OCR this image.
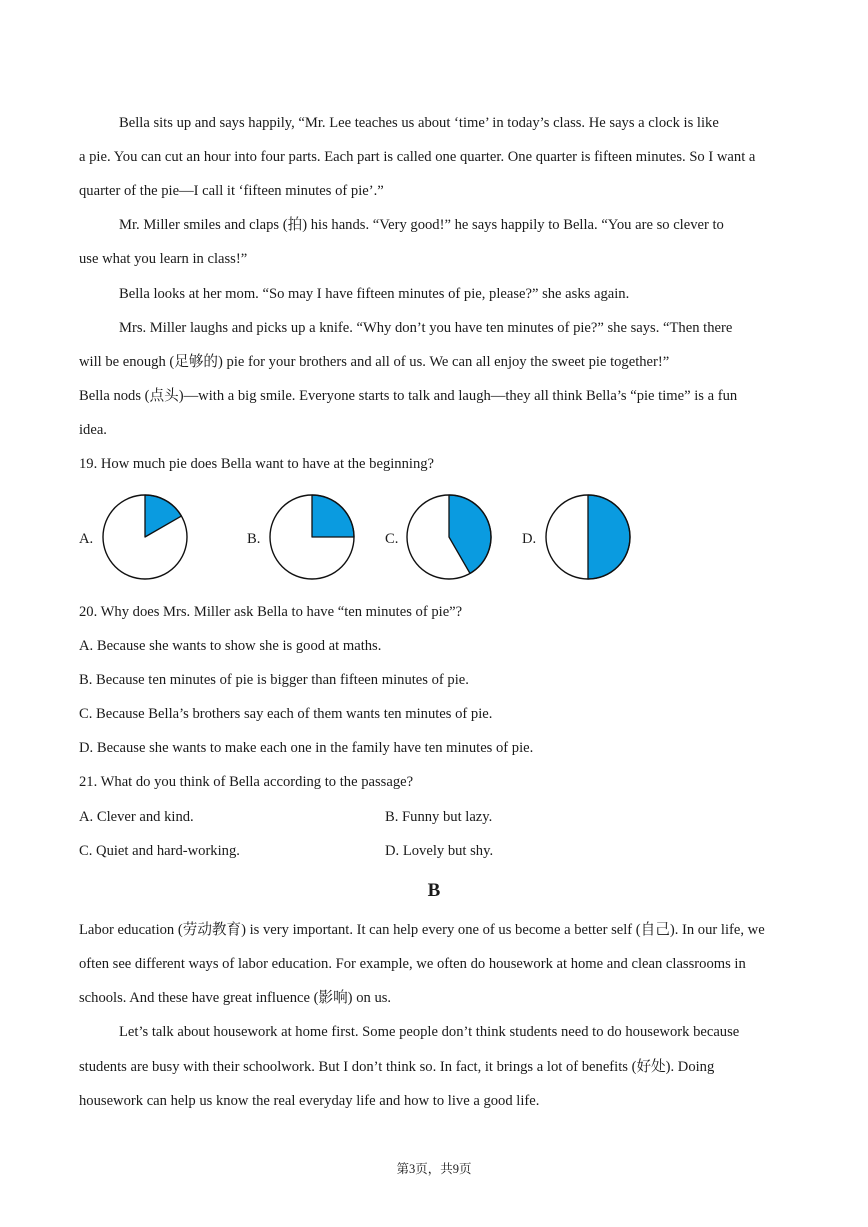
Bella sits up and says happily, “Mr. Lee teaches us about ‘time’ in today’s class. He says a clock is like
a pie. You can cut an hour into four parts. Each part is called one quarter. One quarter is fifteen minutes. So I want a
quarter of the pie—I call it ‘fifteen minutes of pie’.”
Mr. Miller smiles and claps (拍) his hands. “Very good!” he says happily to Bella. “You are so clever to
use what you learn in class!”
Bella looks at her mom. “So may I have fifteen minutes of pie, please?” she asks again.
Mrs. Miller laughs and picks up a knife. “Why don’t you have ten minutes of pie?” she says. “Then there
will be enough (足够的) pie for your brothers and all of us. We can all enjoy the sweet pie together!”
Bella nods (点头)—with a big smile. Everyone starts to talk and laugh—they all think Bella’s “pie time” is a fun
idea.
19. How much pie does Bella want to have at the beginning?
A.	B.	C.	D.
20. Why does Mrs. Miller ask Bella to have “ten minutes of pie”?
A. Because she wants to show she is good at maths.
B. Because ten minutes of pie is bigger than fifteen minutes of pie.
C. Because Bella’s brothers say each of them wants ten minutes of pie.
D. Because she wants to make each one in the family have ten minutes of pie.
21. What do you think of Bella according to the passage?
A. Clever and kind.	B. Funny but lazy.
C. Quiet and hard-working.	D. Lovely but shy.
B
Labor education (劳动教育) is very important. It can help every one of us become a better self (自己). In our life, we
often see different ways of labor education. For example, we often do housework at home and clean classrooms in
schools. And these have great influence (影响) on us.
Let’s talk about housework at home first. Some people don’t think students need to do housework because
students are busy with their schoolwork. But I don’t think so. In fact, it brings a lot of benefits (好处). Doing
housework can help us know the real everyday life and how to live a good life.
第3页，共9页
